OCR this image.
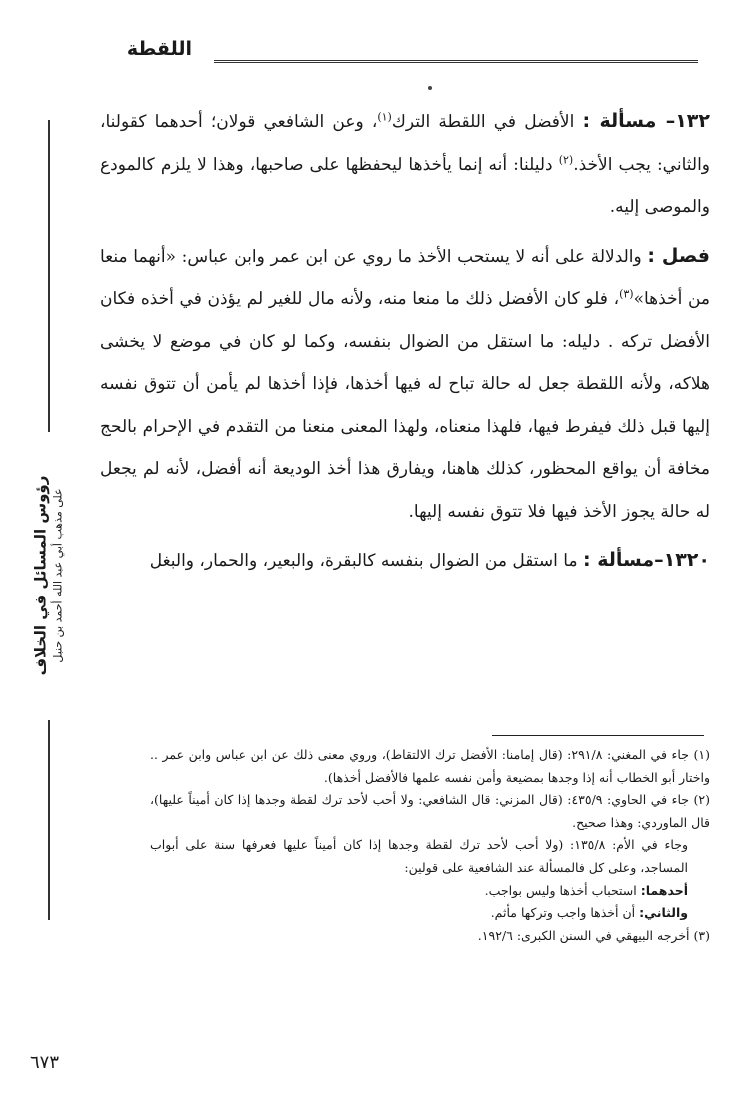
اللقطة
رؤوس المسائل في الخلاف على مذهب أبي عبد الله أحمد بن حنبل

١٣٢– مسألة : الأفضل في اللقطة الترك$^{(١)}$، وعن الشافعي قولان؛ أحدهما كقولنا، والثاني: يجب الأخذ.$^{(٢)}$ دليلنا: أنه إنما يأخذها ليحفظها على صاحبها، وهذا لا يلزم كالمودع والموصى إليه.

فصل : والدلالة على أنه لا يستحب الأخذ ما روي عن ابن عمر وابن عباس: «أنهما منعا من أخذها»$^{(٣)}$، فلو كان الأفضل ذلك ما منعا منه، ولأنه مال للغير لم يؤذن في أخذه فكان الأفضل تركه . دليله: ما استقل من الضوال بنفسه، وكما لو كان في موضع لا يخشى هلاكه، ولأنه اللقطة جعل له حالة تباح له فيها أخذها، فإذا أخذها لم يأمن أن تتوق نفسه إليها قبل ذلك فيفرط فيها، فلهذا منعناه، ولهذا المعنى منعنا من التقدم في الإحرام بالحج مخافة أن يواقع المحظور، كذلك هاهنا، ويفارق هذا أخذ الوديعة أنه أفضل، لأنه لم يجعل له حالة يجوز الأخذ فيها فلا تتوق نفسه إليها.

١٣٢٠–مسألة : ما استقل من الضوال بنفسه كالبقرة، والبعير، والحمار، والبغل

(١) جاء في المغني: ٢٩١/٨: (قال إمامنا: الأفضل ترك الالتقاط)، وروي معنى ذلك عن ابن عباس وابن عمر .. واختار أبو الخطاب أنه إذا وجدها بمضيعة وأمن نفسه علمها فالأفضل أخذها).

(٢) جاء في الحاوي: ٤٣٥/٩: (قال المزني: قال الشافعي: ولا أحب لأحد ترك لقطة وجدها إذا كان أميناً عليها)، قال الماوردي: وهذا صحيح.

وجاء في الأم: ١٣٥/٨: (ولا أحب لأحد ترك لقطة وجدها إذا كان أميناً عليها فعرفها سنة على أبواب المساجد، وعلى كل فالمسألة عند الشافعية على قولين:

أحدهما: استحباب أخذها وليس بواجب.

والثاني: أن أخذها واجب وتركها مأثم.

(٣) أخرجه البيهقي في السنن الكبرى: ١٩٢/٦.

٦٧٣
